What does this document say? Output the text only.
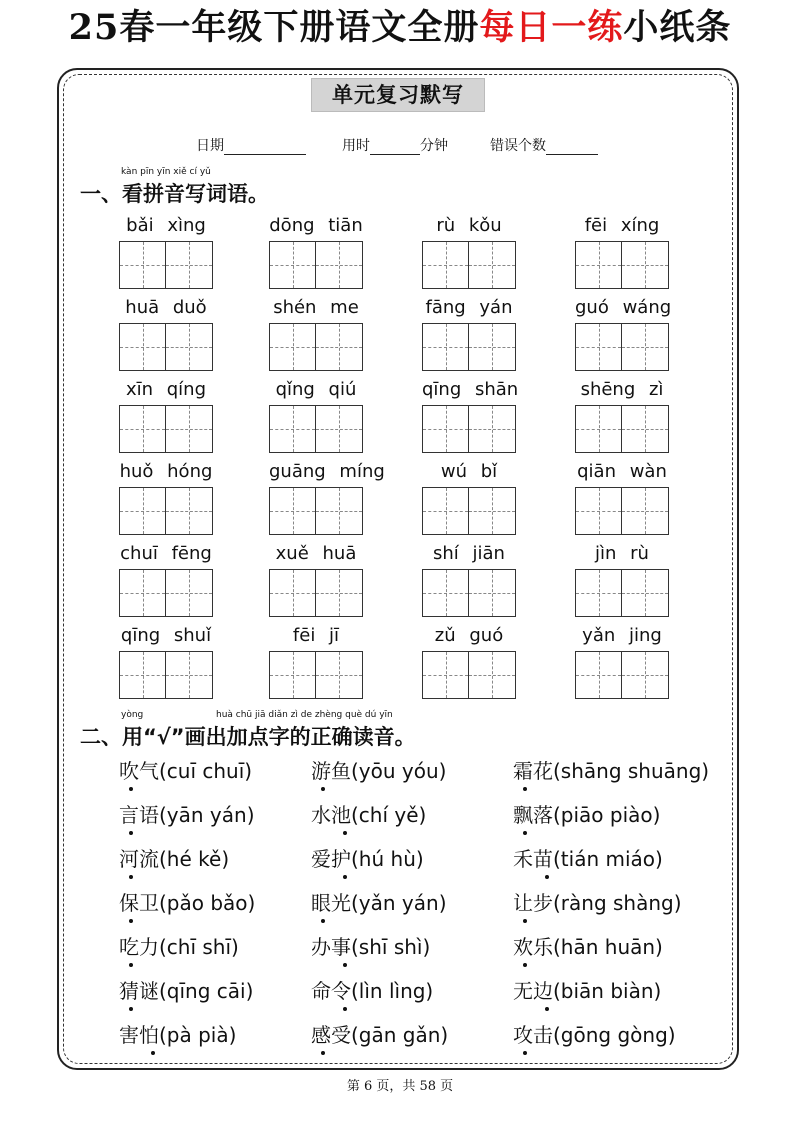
25春一年级下册语文全册每日一练小纸条
单元复习默写
日期	用时	分钟	错误个数
kàn pīn yīn xiě cí yǔ
一、看拼音写词语。
bǎi xìng	dōng tiān	rù kǒu	fēi xíng
huā duǒ	shén me	fāng yán	guó wáng
xīn qíng	qǐng qiú	qīng shān	shēng zì
huǒ hóng	guāng míng	wú bǐ	qiān wàn
chuī fēng	xuě huā	shí jiān	jìn rù
qīng shuǐ	fēi jī	zǔ guó	yǎn jing
yòng	huà chū jiā diǎn zì de zhèng què dú yīn
二、用“√”画出加点字的正确读音。
吹气(cuī chuī)	游鱼(yōu yóu)	霜花(shāng shuāng)
言语(yān yán)	水池(chí yě)	飘落(piāo piào)
河流(hé kě)	爱护(hú hù)	禾苗(tián miáo)
保卫(pǎo bǎo)	眼光(yǎn yán)	让步(ràng shàng)
吃力(chī shī)	办事(shī shì)	欢乐(hān huān)
猜谜(qīng cāi)	命令(lìn lìng)	无边(biān biàn)
害怕(pà pià)	感受(gān gǎn)	攻击(gōng gòng)
第 6 页，共 58 页
